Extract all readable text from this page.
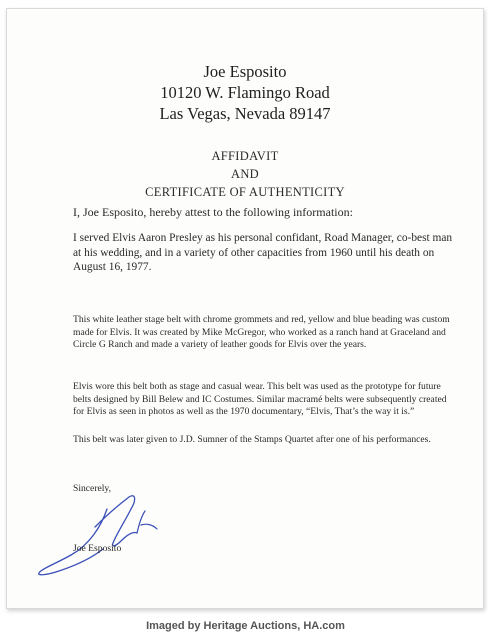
Joe Esposito
10120 W. Flamingo Road
Las Vegas, Nevada 89147
AFFIDAVIT
AND
CERTIFICATE OF AUTHENTICITY
I, Joe Esposito, hereby attest to the following information:
I served Elvis Aaron Presley as his personal confidant, Road Manager, co-best man at his wedding, and in a variety of other capacities from 1960 until his death on August 16, 1977.
This white leather stage belt with chrome grommets and red, yellow and blue beading was custom made for Elvis. It was created by Mike McGregor, who worked as a ranch hand at Graceland and Circle G Ranch and made a variety of leather goods for Elvis over the years.
Elvis wore this belt both as stage and casual wear. This belt was used as the prototype for future belts designed by Bill Belew and IC Costumes. Similar macramé belts were subsequently created for Elvis as seen in photos as well as the 1970 documentary, “Elvis, That’s the way it is.”
This belt was later given to J.D. Sumner of the Stamps Quartet after one of his performances.
Sincerely,
Joe Esposito
Imaged by Heritage Auctions, HA.com
